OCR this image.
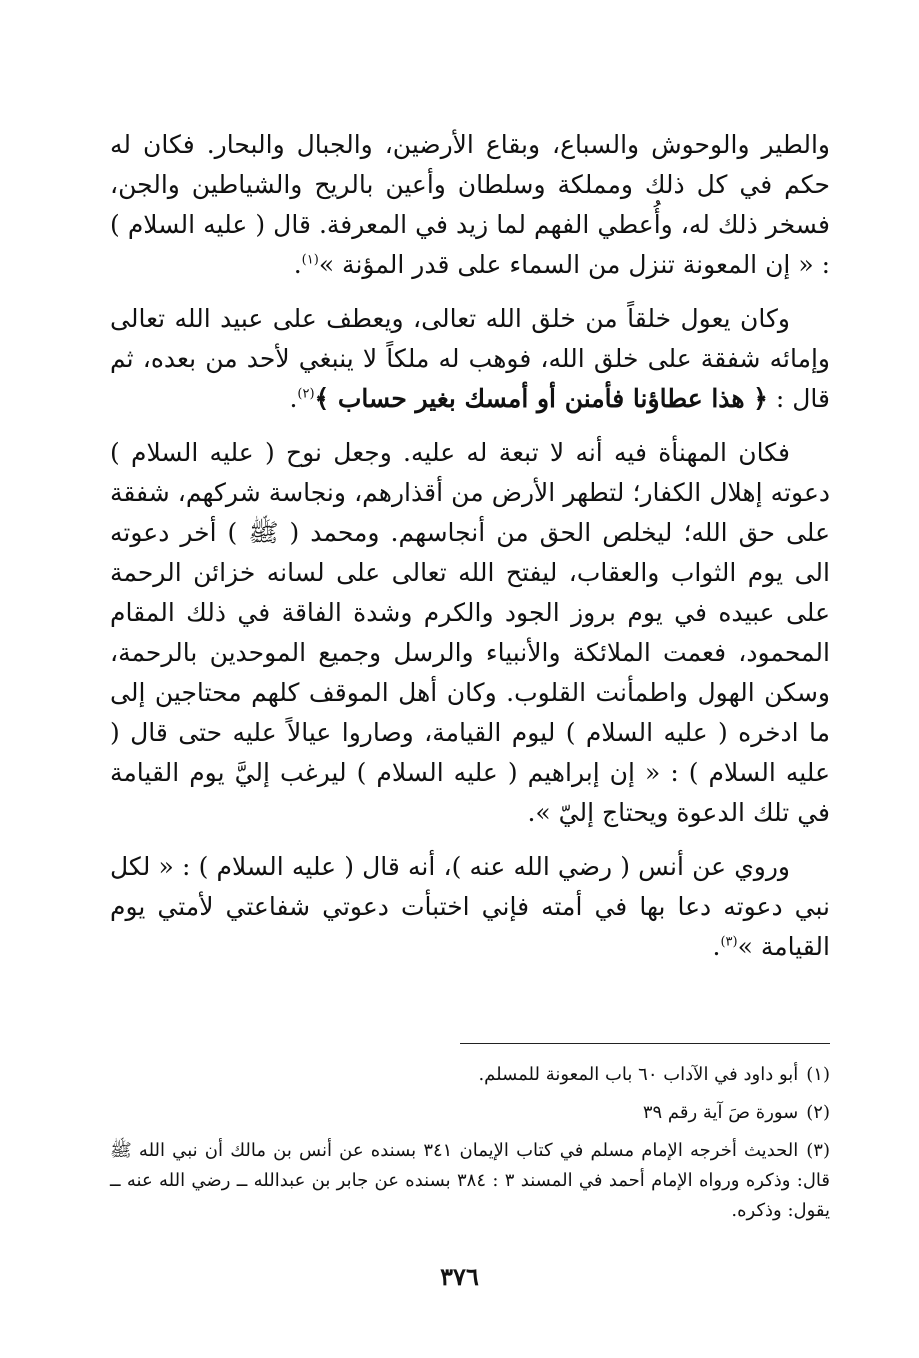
والطير والوحوش والسباع، وبقاع الأرضين، والجبال والبحار. فكان له حكم في كل ذلك ومملكة وسلطان وأعين بالريح والشياطين والجن، فسخر ذلك له، وأُعطي الفهم لما زيد في المعرفة. قال ( عليه السلام ) : « إن المعونة تنزل من السماء على قدر المؤنة »$^{(١)}$.

وكان يعول خلقاً من خلق الله تعالى، ويعطف على عبيد الله تعالى وإمائه شفقة على خلق الله، فوهب له ملكاً لا ينبغي لأحد من بعده، ثم قال : ﴿ هذا عطاؤنا فأمنن أو أمسك بغير حساب ﴾$^{(٢)}$.

فكان المهنأة فيه أنه لا تبعة له عليه. وجعل نوح ( عليه السلام ) دعوته إهلال الكفار؛ لتطهر الأرض من أقذارهم، ونجاسة شركهم، شفقة على حق الله؛ ليخلص الحق من أنجاسهم. ومحمد ( ﷺ ) أخر دعوته الى يوم الثواب والعقاب، ليفتح الله تعالى على لسانه خزائن الرحمة على عبيده في يوم بروز الجود والكرم وشدة الفاقة في ذلك المقام المحمود، فعمت الملائكة والأنبياء والرسل وجميع الموحدين بالرحمة، وسكن الهول واطمأنت القلوب. وكان أهل الموقف كلهم محتاجين إلى ما ادخره ( عليه السلام ) ليوم القيامة، وصاروا عيالاً عليه حتى قال ( عليه السلام ) : « إن إبراهيم ( عليه السلام ) ليرغب إليَّ يوم القيامة في تلك الدعوة ويحتاج إليّ ».

وروي عن أنس ( رضي الله عنه )، أنه قال ( عليه السلام ) : « لكل نبي دعوته دعا بها في أمته فإني اختبأت دعوتي شفاعتي لأمتي يوم القيامة »$^{(٣)}$.

(١)أبو داود في الآداب ٦٠ باب المعونة للمسلم.

(٢)سورة صَ آية رقم ٣٩

(٣)الحديث أخرجه الإمام مسلم في كتاب الإيمان ٣٤١ بسنده عن أنس بن مالك أن نبي الله ﷺ قال: وذكره ورواه الإمام أحمد في المسند ٣ : ٣٨٤ بسنده عن جابر بن عبدالله ــ رضي الله عنه ــ يقول: وذكره.

٣٧٦
